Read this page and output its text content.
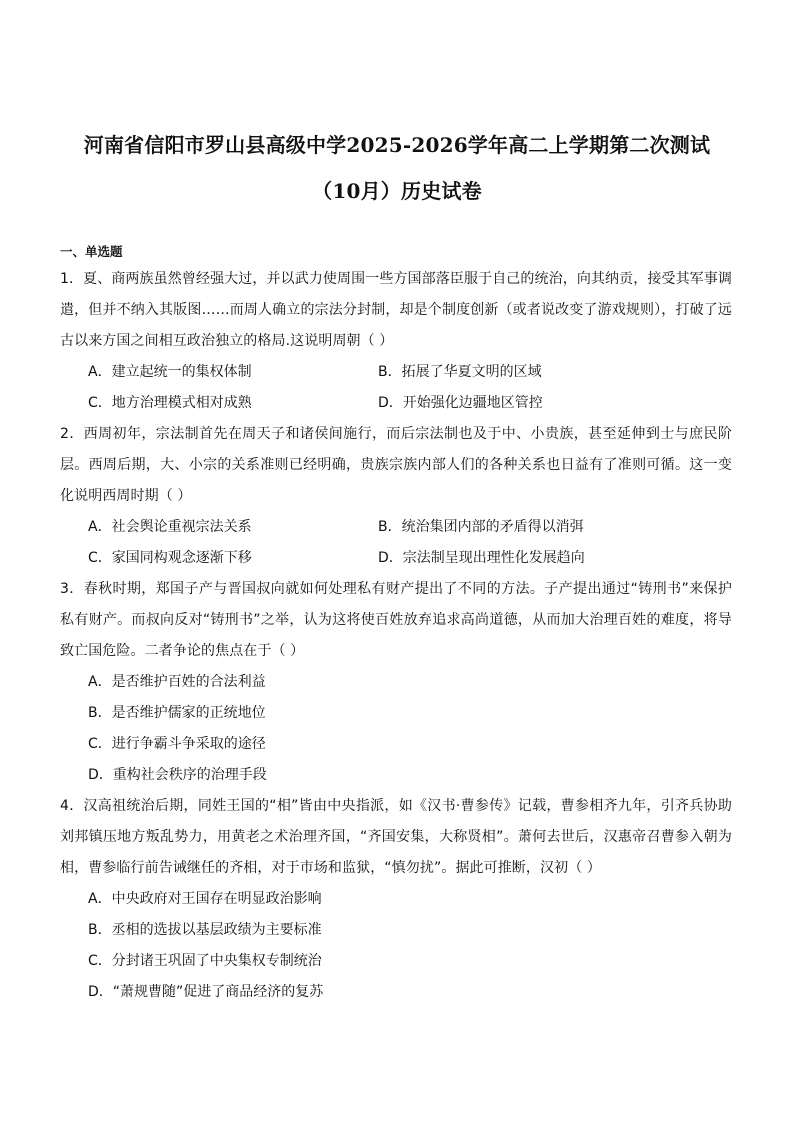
河南省信阳市罗山县高级中学2025-2026学年高二上学期第二次测试（10月）历史试卷
一、单选题
1．夏、商两族虽然曾经强大过，并以武力使周围一些方国部落臣服于自己的统治，向其纳贡，接受其军事调遣，但并不纳入其版图……而周人确立的宗法分封制，却是个制度创新（或者说改变了游戏规则），打破了远古以来方国之间相互政治独立的格局.这说明周朝（ ）
A．建立起统一的集权体制	B．拓展了华夏文明的区域
C．地方治理模式相对成熟	D．开始强化边疆地区管控
2．西周初年，宗法制首先在周天子和诸侯间施行，而后宗法制也及于中、小贵族，甚至延伸到士与庶民阶层。西周后期，大、小宗的关系准则已经明确，贵族宗族内部人们的各种关系也日益有了准则可循。这一变化说明西周时期（ ）
A．社会舆论重视宗法关系	B．统治集团内部的矛盾得以消弭
C．家国同构观念逐渐下移	D．宗法制呈现出理性化发展趋向
3．春秋时期，郑国子产与晋国叔向就如何处理私有财产提出了不同的方法。子产提出通过“铸刑书”来保护私有财产。而叔向反对“铸刑书”之举，认为这将使百姓放弃追求高尚道德，从而加大治理百姓的难度，将导致亡国危险。二者争论的焦点在于（ ）
A．是否维护百姓的合法利益
B．是否维护儒家的正统地位
C．进行争霸斗争采取的途径
D．重构社会秩序的治理手段
4．汉高祖统治后期，同姓王国的“相”皆由中央指派，如《汉书·曹参传》记载，曹参相齐九年，引齐兵协助刘邦镇压地方叛乱势力，用黄老之术治理齐国，“齐国安集，大称贤相”。萧何去世后，汉惠帝召曹参入朝为相，曹参临行前告诫继任的齐相，对于市场和监狱，“慎勿扰”。据此可推断，汉初（ ）
A．中央政府对王国存在明显政治影响
B．丞相的选拔以基层政绩为主要标准
C．分封诸王巩固了中央集权专制统治
D．“萧规曹随”促进了商品经济的复苏
